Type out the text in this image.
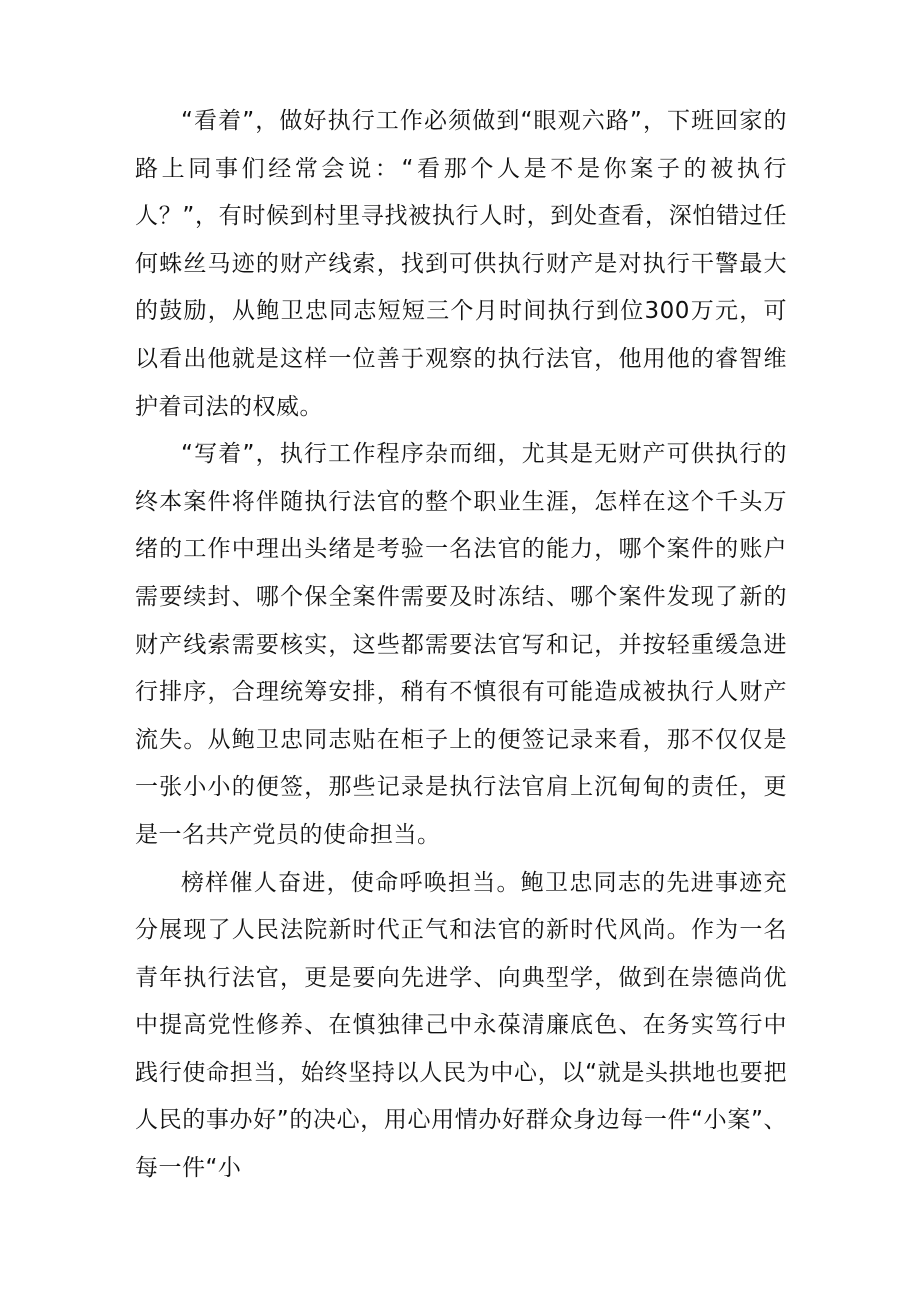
“看着”，做好执行工作必须做到“眼观六路”，下班回家的路上同事们经常会说：“看那个人是不是你案子的被执行人？”，有时候到村里寻找被执行人时，到处查看，深怕错过任何蛛丝马迹的财产线索，找到可供执行财产是对执行干警最大的鼓励，从鲍卫忠同志短短三个月时间执行到位300万元，可以看出他就是这样一位善于观察的执行法官，他用他的睿智维护着司法的权威。

“写着”，执行工作程序杂而细，尤其是无财产可供执行的终本案件将伴随执行法官的整个职业生涯，怎样在这个千头万绪的工作中理出头绪是考验一名法官的能力，哪个案件的账户需要续封、哪个保全案件需要及时冻结、哪个案件发现了新的财产线索需要核实，这些都需要法官写和记，并按轻重缓急进行排序，合理统筹安排，稍有不慎很有可能造成被执行人财产流失。从鲍卫忠同志贴在柜子上的便签记录来看，那不仅仅是一张小小的便签，那些记录是执行法官肩上沉甸甸的责任，更是一名共产党员的使命担当。

榜样催人奋进，使命呼唤担当。鲍卫忠同志的先进事迹充分展现了人民法院新时代正气和法官的新时代风尚。作为一名青年执行法官，更是要向先进学、向典型学，做到在崇德尚优中提高党性修养、在慎独律己中永葆清廉底色、在务实笃行中践行使命担当，始终坚持以人民为中心，以“就是头拱地也要把人民的事办好”的决心，用心用情办好群众身边每一件“小案”、每一件“小
